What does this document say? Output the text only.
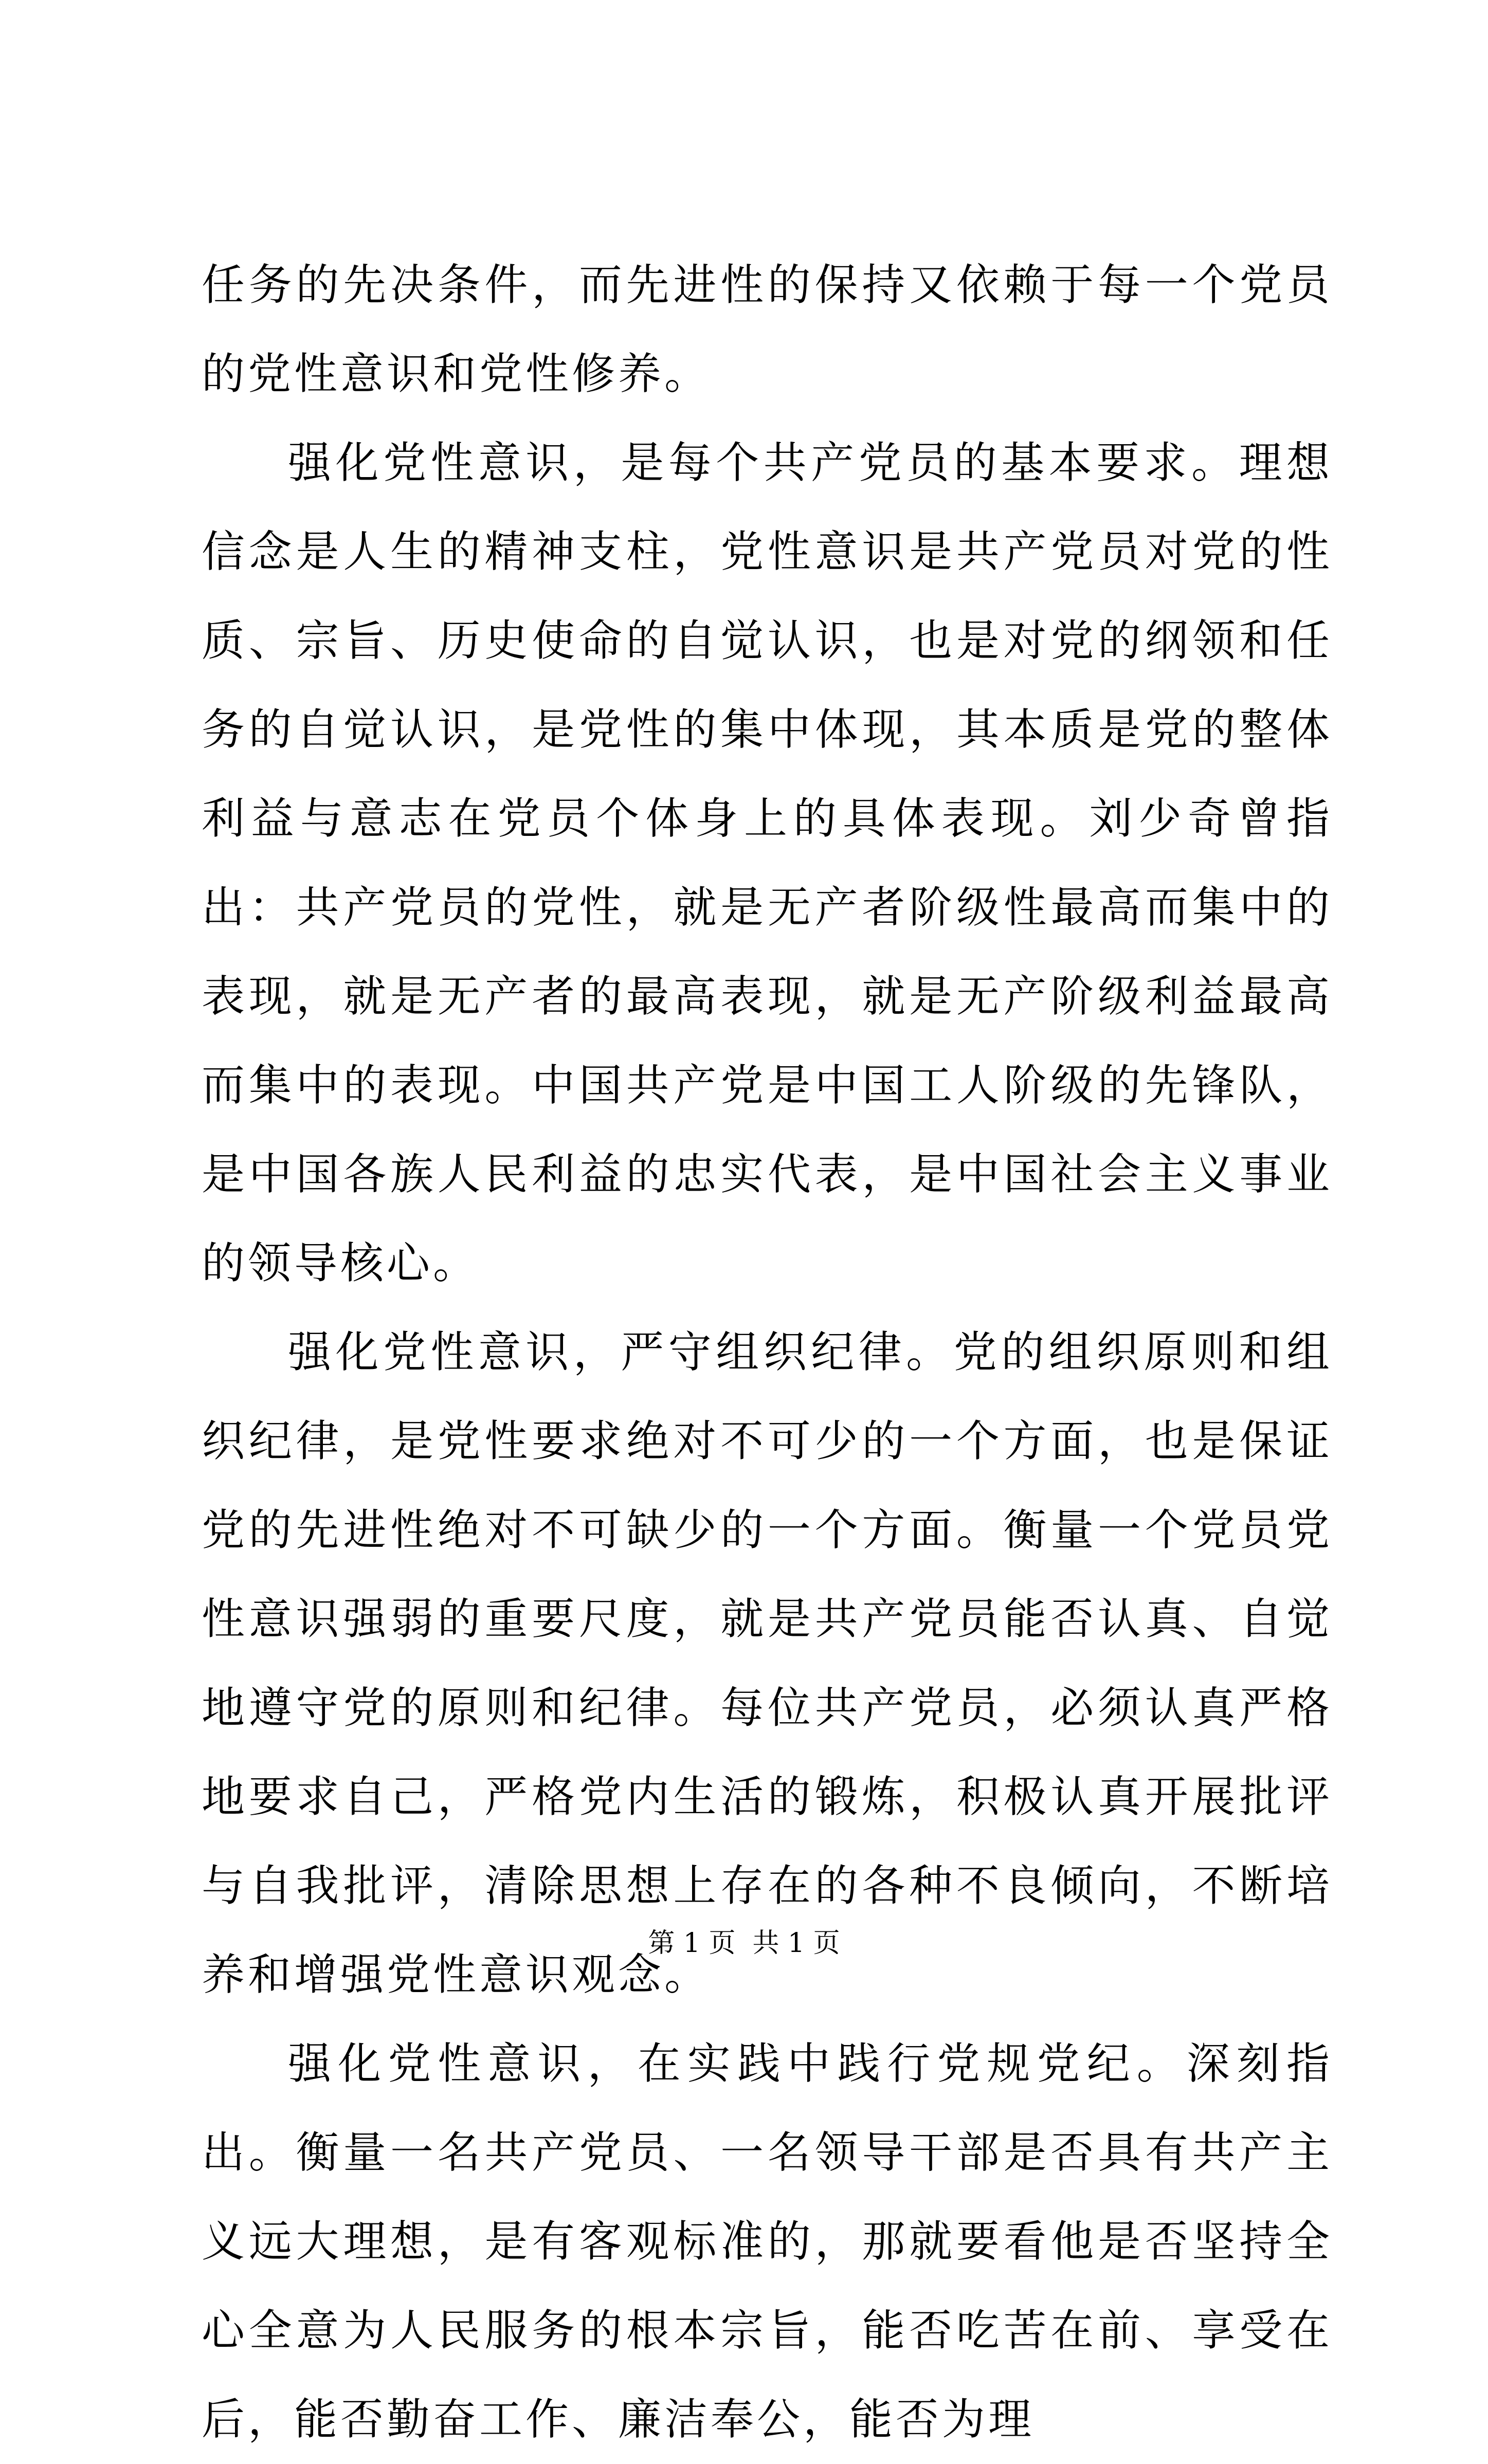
任务的先决条件，而先进性的保持又依赖于每一个党员的党性意识和党性修养。

强化党性意识，是每个共产党员的基本要求。理想信念是人生的精神支柱，党性意识是共产党员对党的性质、宗旨、历史使命的自觉认识，也是对党的纲领和任务的自觉认识，是党性的集中体现，其本质是党的整体利益与意志在党员个体身上的具体表现。刘少奇曾指出：共产党员的党性，就是无产者阶级性最高而集中的表现，就是无产者的最高表现，就是无产阶级利益最高而集中的表现。中国共产党是中国工人阶级的先锋队，是中国各族人民利益的忠实代表，是中国社会主义事业的领导核心。

强化党性意识，严守组织纪律。党的组织原则和组织纪律，是党性要求绝对不可少的一个方面，也是保证党的先进性绝对不可缺少的一个方面。衡量一个党员党性意识强弱的重要尺度，就是共产党员能否认真、自觉地遵守党的原则和纪律。每位共产党员，必须认真严格地要求自己，严格党内生活的锻炼，积极认真开展批评与自我批评，清除思想上存在的各种不良倾向，不断培养和增强党性意识观念。

强化党性意识，在实践中践行党规党纪。深刻指出。衡量一名共产党员、一名领导干部是否具有共产主义远大理想，是有客观标准的，那就要看他是否坚持全心全意为人民服务的根本宗旨，能否吃苦在前、享受在后，能否勤奋工作、廉洁奉公，能否为理

第 1 页  共 1 页
